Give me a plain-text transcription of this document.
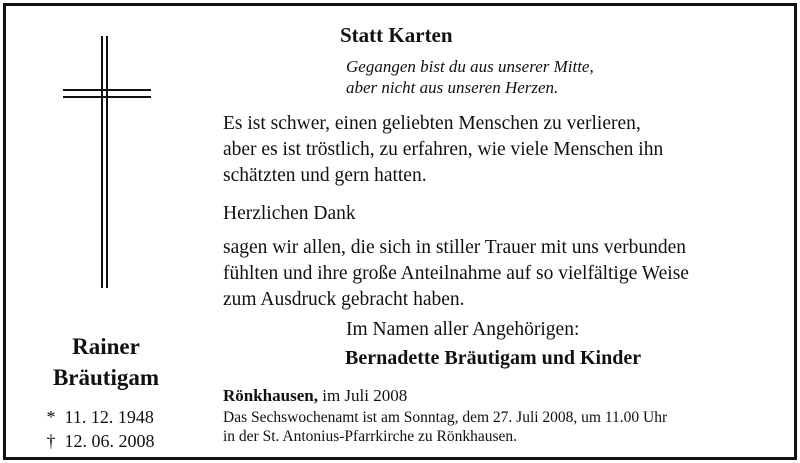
Statt Karten
Gegangen bist du aus unserer Mitte,
aber nicht aus unseren Herzen.
Es ist schwer, einen geliebten Menschen zu verlieren,
aber es ist tröstlich, zu erfahren, wie viele Menschen ihn
schätzten und gern hatten.
Herzlichen Dank
sagen wir allen, die sich in stiller Trauer mit uns verbunden
fühlten und ihre große Anteilnahme auf so vielfältige Weise
zum Ausdruck gebracht haben.
Im Namen aller Angehörigen:
Bernadette Bräutigam und Kinder
Rainer
Bräutigam
* 11. 12. 1948
† 12. 06. 2008
Rönkhausen, im Juli 2008
Das Sechswochenamt ist am Sonntag, dem 27. Juli 2008, um 11.00 Uhr
in der St. Antonius-Pfarrkirche zu Rönkhausen.
